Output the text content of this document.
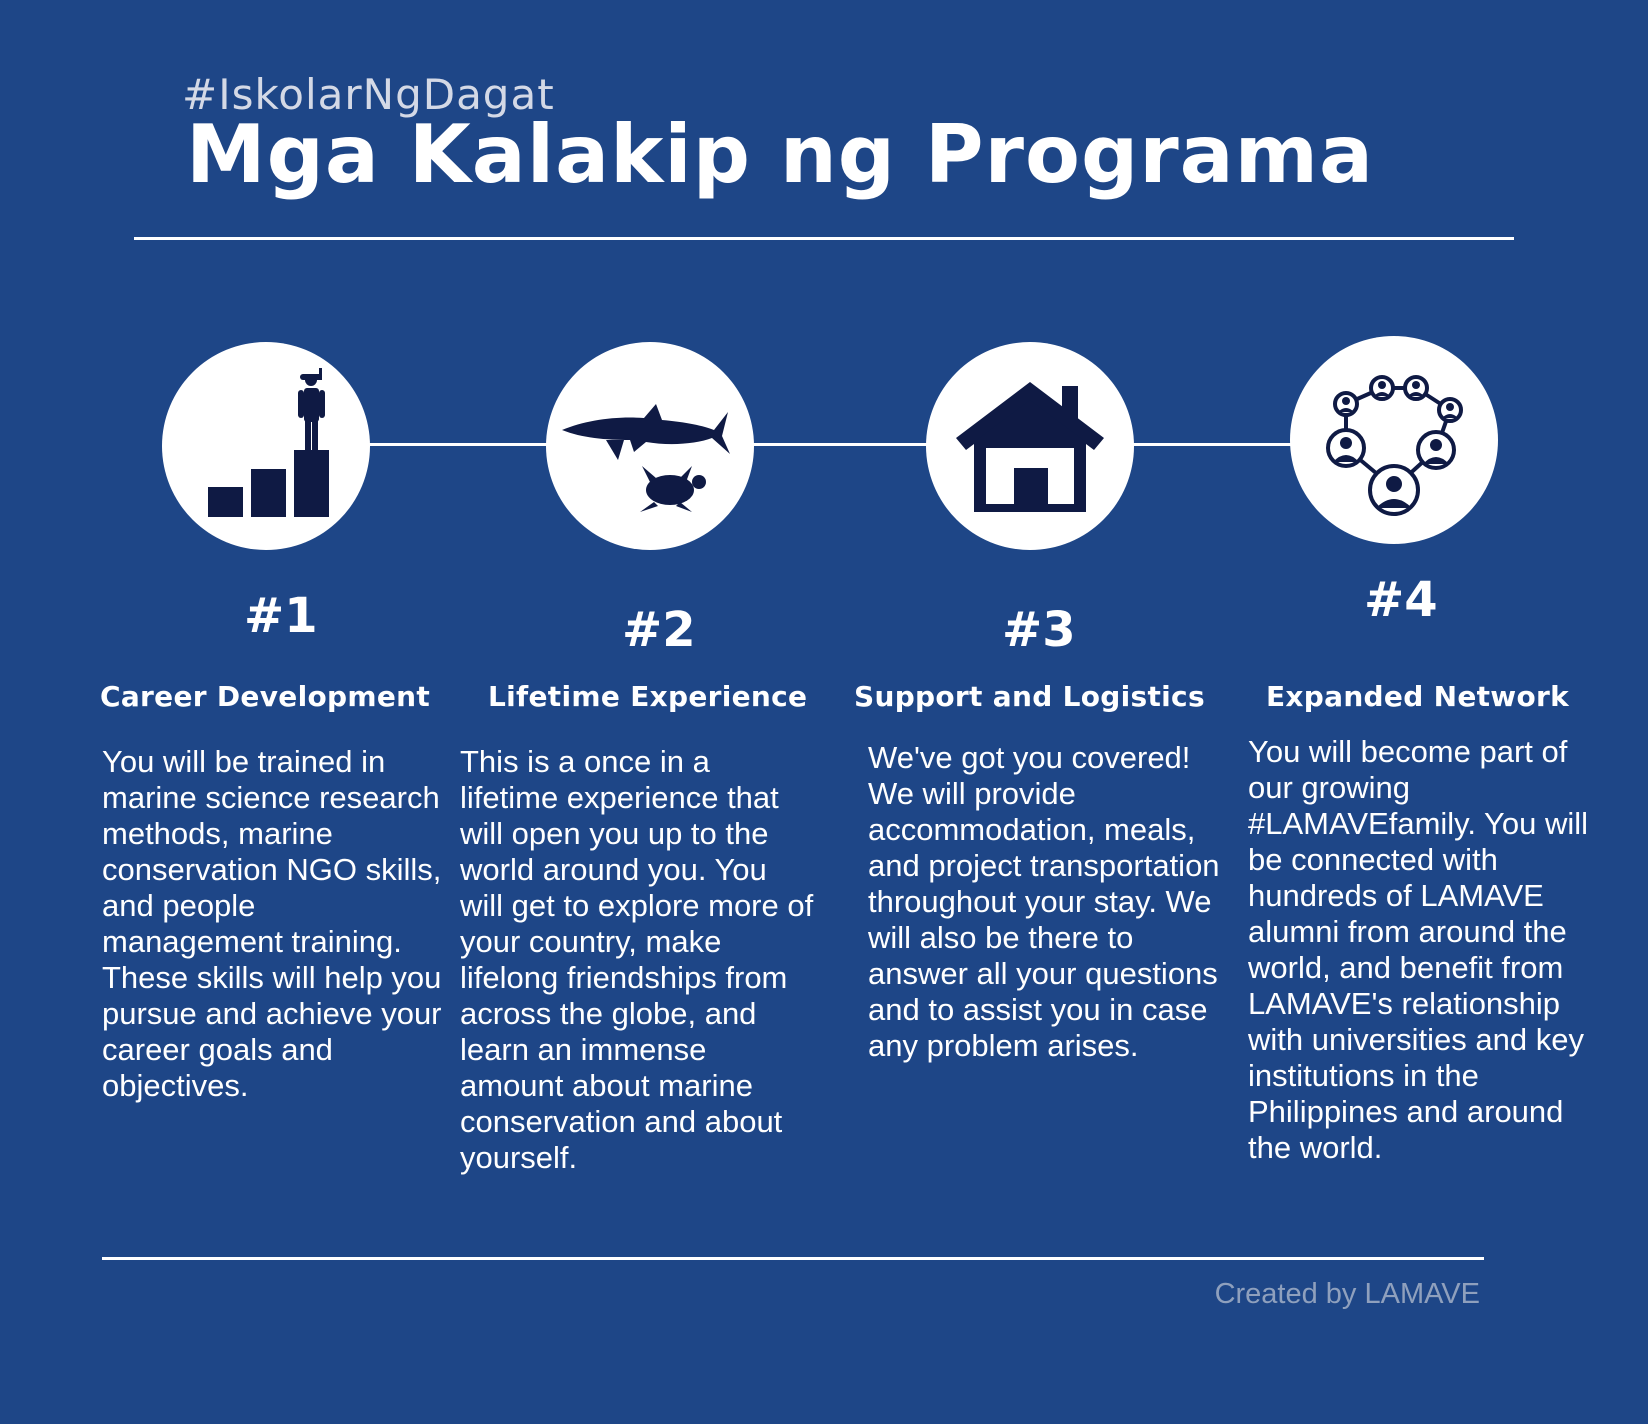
#IskolarNgDagat
Mga Kalakip ng Programa
#1
Career Development
You will be trained in marine science research methods, marine conservation NGO skills, and people management training. These skills will help you pursue and achieve your career goals and objectives.
#2
Lifetime Experience
This is a once in a lifetime experience that will open you up to the world around you. You will get to explore more of your country, make lifelong friendships from across the globe, and learn an immense amount about marine conservation and about yourself.
#3
Support and Logistics
We've got you covered! We will provide accommodation, meals, and project transportation throughout your stay. We will also be there to answer all your questions and to assist you in case any problem arises.
#4
Expanded Network
You will become part of our growing #LAMAVEfamily. You will be connected with hundreds of LAMAVE alumni from around the world, and benefit from LAMAVE's relationship with universities and key institutions in the Philippines and around the world.
Created by LAMAVE
